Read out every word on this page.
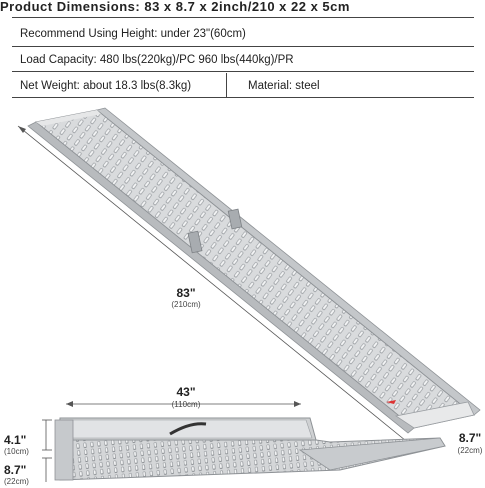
Product Dimensions: 83 x 8.7 x 2inch/210 x 22 x 5cm
Recommend Using Height: under 23"(60cm)
Load Capacity: 480 lbs(220kg)/PC 960 lbs(440kg)/PR
Net Weight: about 18.3 lbs(8.3kg)	Material: steel
83"
(210cm)
43"
(110cm)
4.1"
(10cm)
8.7"
(22cm)
8.7"
(22cm)
